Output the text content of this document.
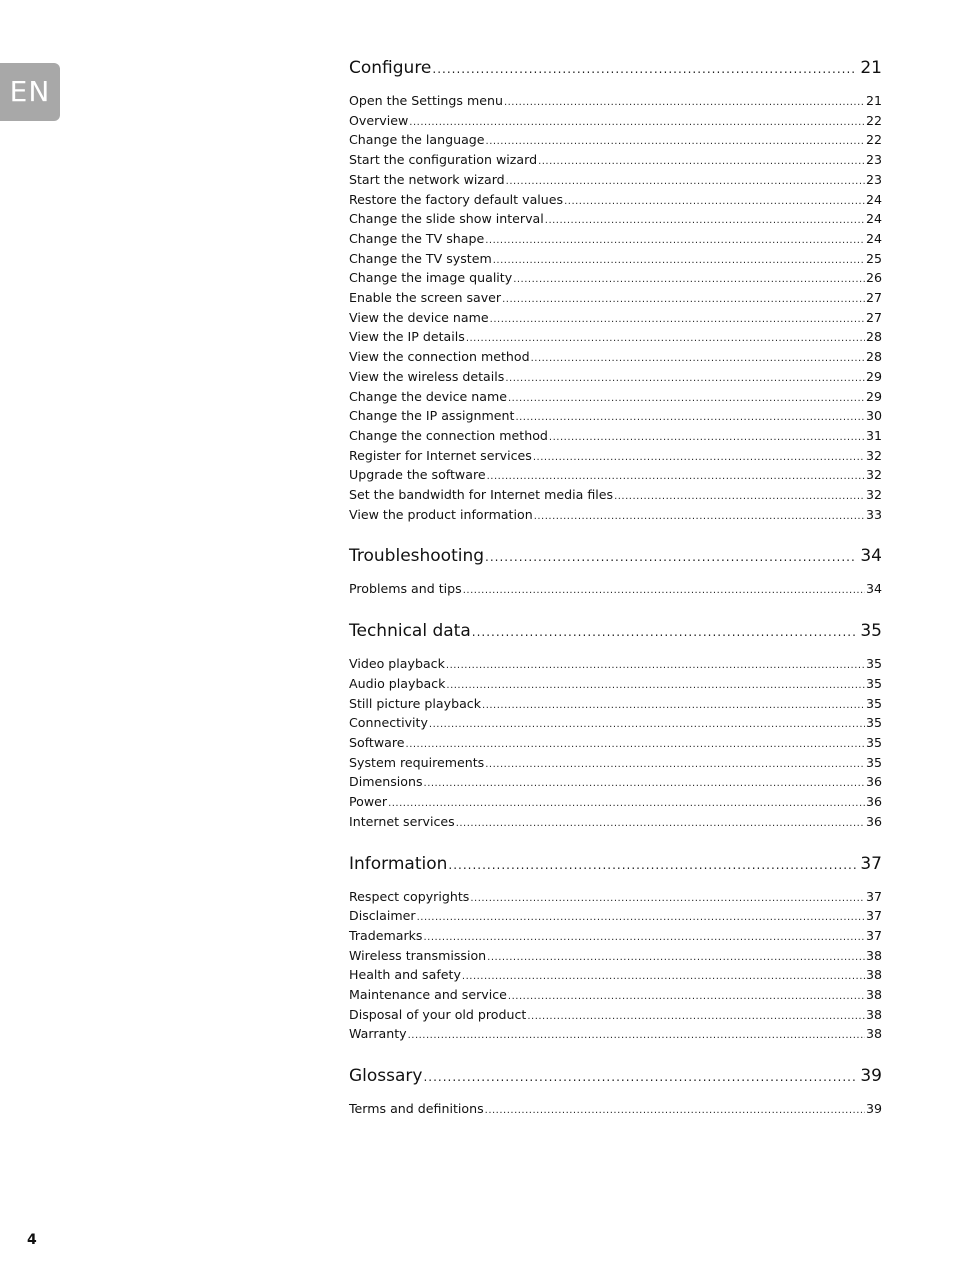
EN
Configure .....	21
Open the Settings menu .....	21
Overview .....	22
Change the language .....	22
Start the configuration wizard .....	23
Start the network wizard .....	23
Restore the factory default values .....	24
Change the slide show interval .....	24
Change the TV shape .....	24
Change the TV system .....	25
Change the image quality .....	26
Enable the screen saver .....	27
View the device name .....	27
View the IP details .....	28
View the connection method .....	28
View the wireless details .....	29
Change the device name .....	29
Change the IP assignment .....	30
Change the connection method .....	31
Register for Internet services .....	32
Upgrade the software .....	32
Set the bandwidth for Internet media files .....	32
View the product information .....	33
Troubleshooting .....	34
Problems and tips .....	34
Technical data .....	35
Video playback .....	35
Audio playback .....	35
Still picture playback .....	35
Connectivity .....	35
Software .....	35
System requirements .....	35
Dimensions .....	36
Power .....	36
Internet services .....	36
Information .....	37
Respect copyrights .....	37
Disclaimer .....	37
Trademarks .....	37
Wireless transmission .....	38
Health and safety .....	38
Maintenance and service .....	38
Disposal of your old product .....	38
Warranty .....	38
Glossary .....	39
Terms and definitions .....	39
4
